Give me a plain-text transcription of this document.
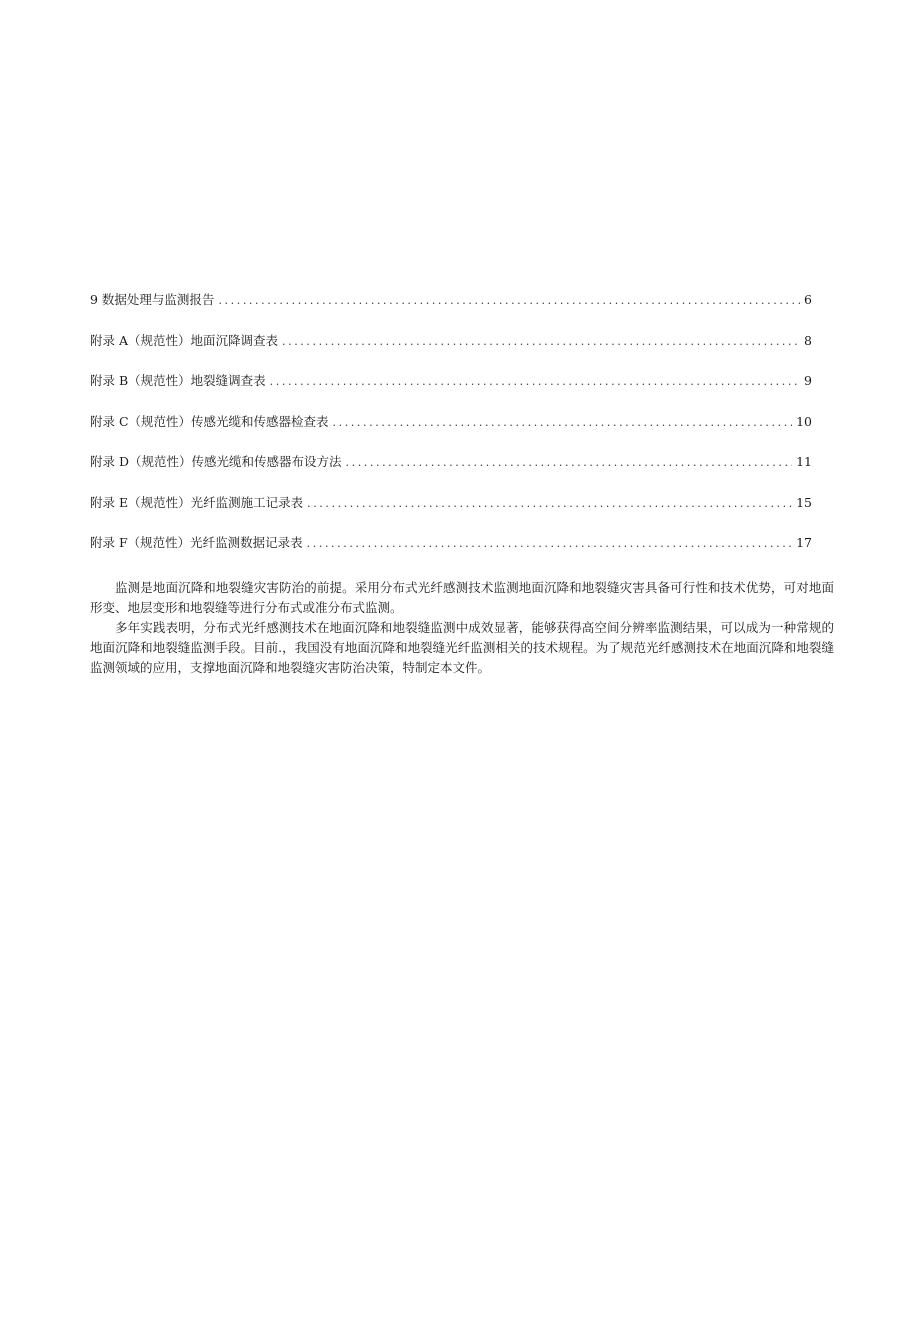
9 数据处理与监测报告 .....	6
附录 A（规范性）地面沉降调查表 .....	8
附录 B（规范性）地裂缝调查表 .....	9
附录 C（规范性）传感光缆和传感器检查表 .....	10
附录 D（规范性）传感光缆和传感器布设方法 .....	11
附录 E（规范性）光纤监测施工记录表 .....	15
附录 F（规范性）光纤监测数据记录表 .....	17

监测是地面沉降和地裂缝灾害防治的前提。采用分布式光纤感测技术监测地面沉降和地裂缝灾害具备可行性和技术优势，可对地面形变、地层变形和地裂缝等进行分布式或准分布式监测。

多年实践表明，分布式光纤感测技术在地面沉降和地裂缝监测中成效显著，能够获得高空间分辨率监测结果，可以成为一种常规的地面沉降和地裂缝监测手段。目前.，我国没有地面沉降和地裂缝光纤监测相关的技术规程。为了规范光纤感测技术在地面沉降和地裂缝监测领域的应用，支撑地面沉降和地裂缝灾害防治决策，特制定本文件。
